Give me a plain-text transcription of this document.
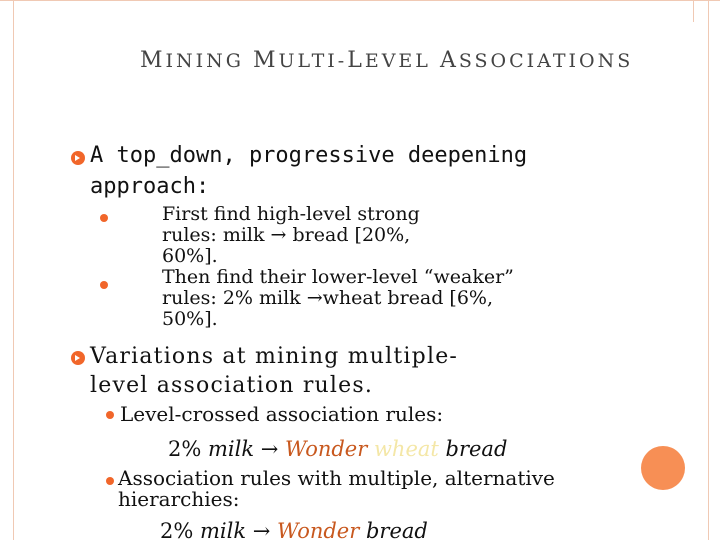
MINING MULTI-LEVEL ASSOCIATIONS
A top_down, progressive deepening
approach:
First find high-level strong
rules: milk → bread [20%,
60%].
Then find their lower-level “weaker”
rules: 2% milk →wheat bread [6%,
50%].
Variations at mining multiple-
level association rules.
Level-crossed association rules:
2% milk → Wonder wheat bread
Association rules with multiple, alternative
hierarchies:
2% milk → Wonder bread
